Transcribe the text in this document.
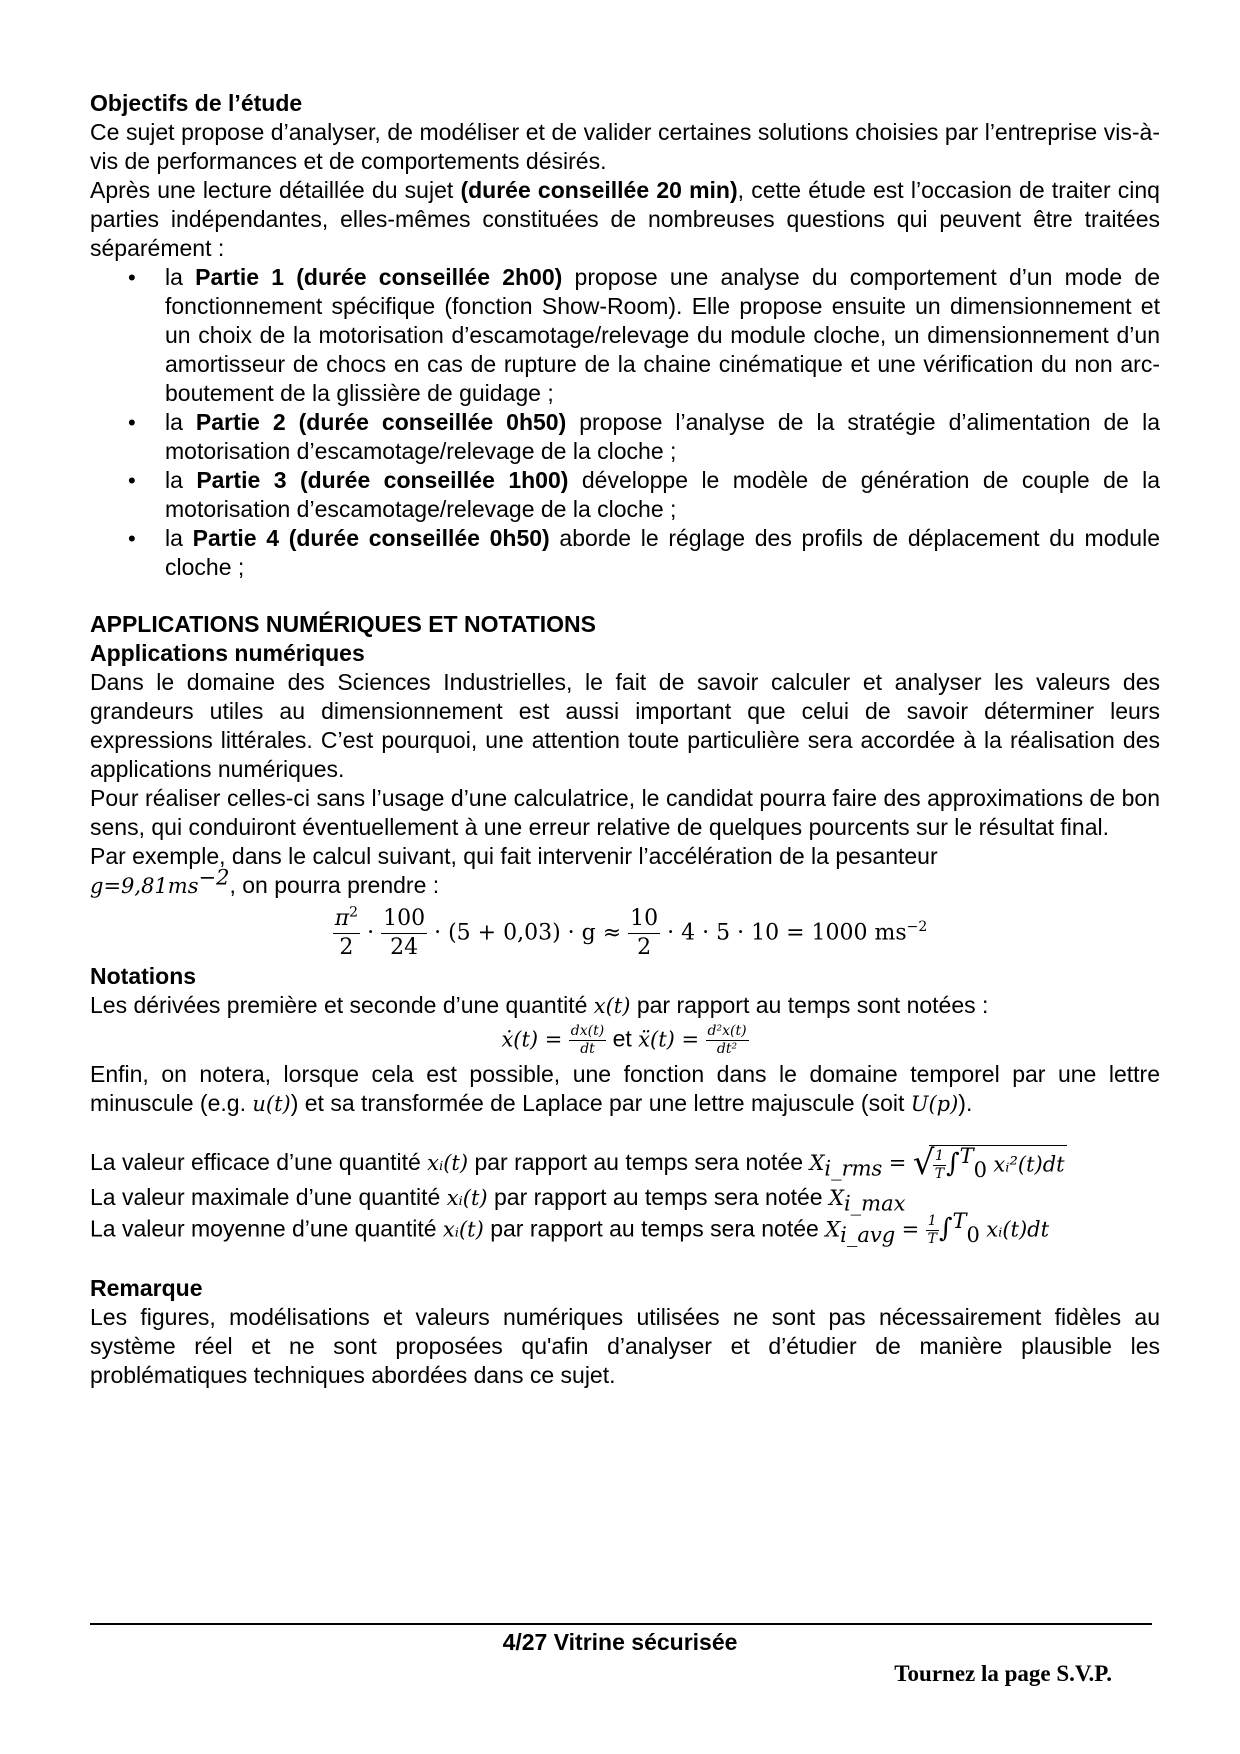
Objectifs de l’étude

Ce sujet propose d’analyser, de modéliser et de valider certaines solutions choisies par l’entreprise vis-à-vis de performances et de comportements désirés.

Après une lecture détaillée du sujet (durée conseillée 20 min), cette étude est l’occasion de traiter cinq parties indépendantes, elles-mêmes constituées de nombreuses questions qui peuvent être traitées séparément :

• la Partie 1 (durée conseillée 2h00) propose une analyse du comportement d’un mode de fonctionnement spécifique (fonction Show-Room). Elle propose ensuite un dimensionnement et un choix de la motorisation d’escamotage/relevage du module cloche, un dimensionnement d’un amortisseur de chocs en cas de rupture de la chaine cinématique et une vérification du non arc-boutement de la glissière de guidage ;
• la Partie 2 (durée conseillée 0h50) propose l’analyse de la stratégie d’alimentation de la motorisation d’escamotage/relevage de la cloche ;
• la Partie 3 (durée conseillée 1h00) développe le modèle de génération de couple de la motorisation d’escamotage/relevage de la cloche ;
• la Partie 4 (durée conseillée 0h50) aborde le réglage des profils de déplacement du module cloche ;
APPLICATIONS NUMÉRIQUES ET NOTATIONS
Applications numériques

Dans le domaine des Sciences Industrielles, le fait de savoir calculer et analyser les valeurs des grandeurs utiles au dimensionnement est aussi important que celui de savoir déterminer leurs expressions littérales. C’est pourquoi, une attention toute particulière sera accordée à la réalisation des applications numériques.

Pour réaliser celles-ci sans l’usage d’une calculatrice, le candidat pourra faire des approximations de bon sens, qui conduiront éventuellement à une erreur relative de quelques pourcents sur le résultat final.

Par exemple, dans le calcul suivant, qui fait intervenir l’accélération de la pesanteur
$g=9,81ms^{-2}$, on pourra prendre :

$\frac{\pi^2}{2} \cdot \frac{100}{24} \cdot (5 + 0,03) \cdot g \approx \frac{10}{2} \cdot 4 \cdot 5 \cdot 10 = 1000$ $ms^{-2}$
Notations

Les dérivées première et seconde d’une quantité x(t) par rapport au temps sont notées :

ẋ(t) = $\frac{dx(t)}{dt}$ et ẍ(t) = $\frac{\text{d²x(t)}}{\text{dt²}}$

Enfin, on notera, lorsque cela est possible, une fonction dans le domaine temporel par une lettre minuscule (e.g. u(t)) et sa transformée de Laplace par une lettre majuscule (soit U(p)).

La valeur efficace d’une quantité xᵢ(t) par rapport au temps sera notée $X_{i\_rms}$ = √
$\frac{1}{T} \int^T_0$ xᵢ²(t)dt
La valeur maximale d’une quantité xᵢ(t) par rapport au temps sera notée $X_{i\_max}$
La valeur moyenne d’une quantité xᵢ(t) par rapport au temps sera notée $X_{i\_avg} = \frac{1}{T} \int^T_0$ xᵢ(t)dt
Remarque

Les figures, modélisations et valeurs numériques utilisées ne sont pas nécessairement fidèles au système réel et ne sont proposées qu'afin d’analyser et d’étudier de manière plausible les problématiques techniques abordées dans ce sujet.

4/27 Vitrine sécurisée
Tournez la page S.V.P.
